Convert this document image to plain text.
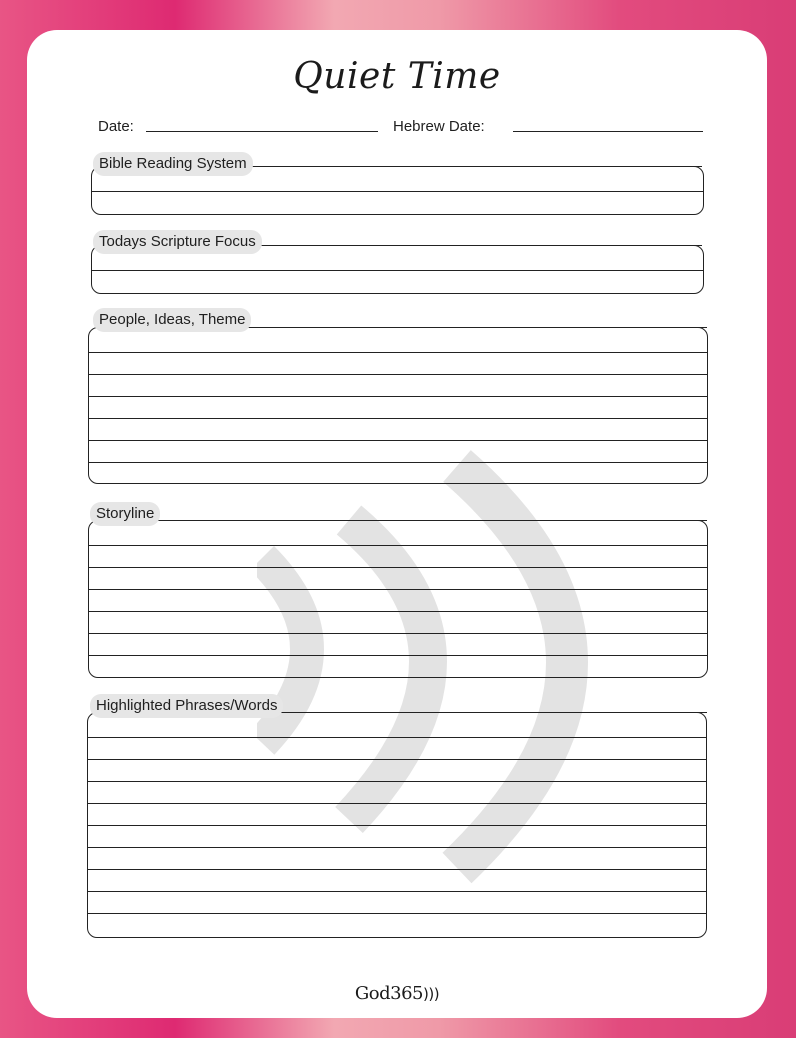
Quiet Time
Date:	Hebrew Date:
Bible Reading System
Todays Scripture Focus
People, Ideas, Theme
Storyline
Highlighted Phrases/Words
God365)))
